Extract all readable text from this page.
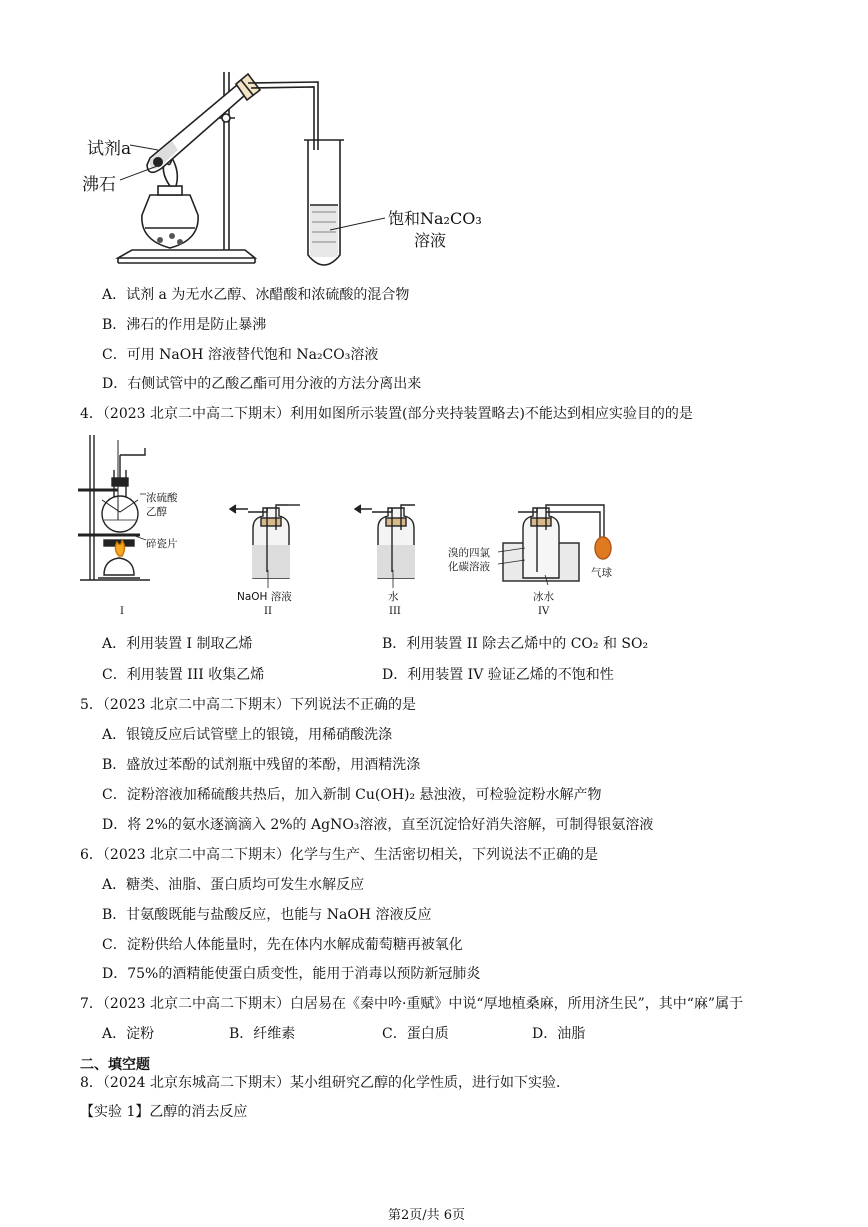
试剂a
沸石
饱和Na₂CO₃
溶液
A．试剂 a 为无水乙醇、冰醋酸和浓硫酸的混合物
B．沸石的作用是防止暴沸
C．可用 NaOH 溶液替代饱和 Na₂CO₃溶液
D．右侧试管中的乙酸乙酯可用分液的方法分离出来
4．（2023 北京二中高二下期末）利用如图所示装置(部分夹持装置略去)不能达到相应实验目的的是
浓硫酸
乙醇
碎瓷片
NaOH 溶液	水
溴的四氯
化碳溶液
冰水
气球
I	II	III	IV
A．利用装置 I 制取乙烯	B．利用装置 II 除去乙烯中的 CO₂ 和 SO₂
C．利用装置 III 收集乙烯	D．利用装置 IV 验证乙烯的不饱和性
5．（2023 北京二中高二下期末）下列说法不正确的是
A．银镜反应后试管壁上的银镜，用稀硝酸洗涤
B．盛放过苯酚的试剂瓶中残留的苯酚，用酒精洗涤
C．淀粉溶液加稀硫酸共热后，加入新制 Cu(OH)₂ 悬浊液，可检验淀粉水解产物
D．将 2%的氨水逐滴滴入 2%的 AgNO₃溶液，直至沉淀恰好消失溶解，可制得银氨溶液
6．（2023 北京二中高二下期末）化学与生产、生活密切相关，下列说法不正确的是
A．糖类、油脂、蛋白质均可发生水解反应
B．甘氨酸既能与盐酸反应，也能与 NaOH 溶液反应
C．淀粉供给人体能量时，先在体内水解成葡萄糖再被氧化
D．75%的酒精能使蛋白质变性，能用于消毒以预防新冠肺炎
7．（2023 北京二中高二下期末）白居易在《秦中吟·重赋》中说“厚地植桑麻，所用济生民”，其中“麻”属于
A．淀粉	B．纤维素	C．蛋白质	D．油脂
二、填空题
8．（2024 北京东城高二下期末）某小组研究乙醇的化学性质，进行如下实验．
【实验 1】乙醇的消去反应
第2页/共 6页
